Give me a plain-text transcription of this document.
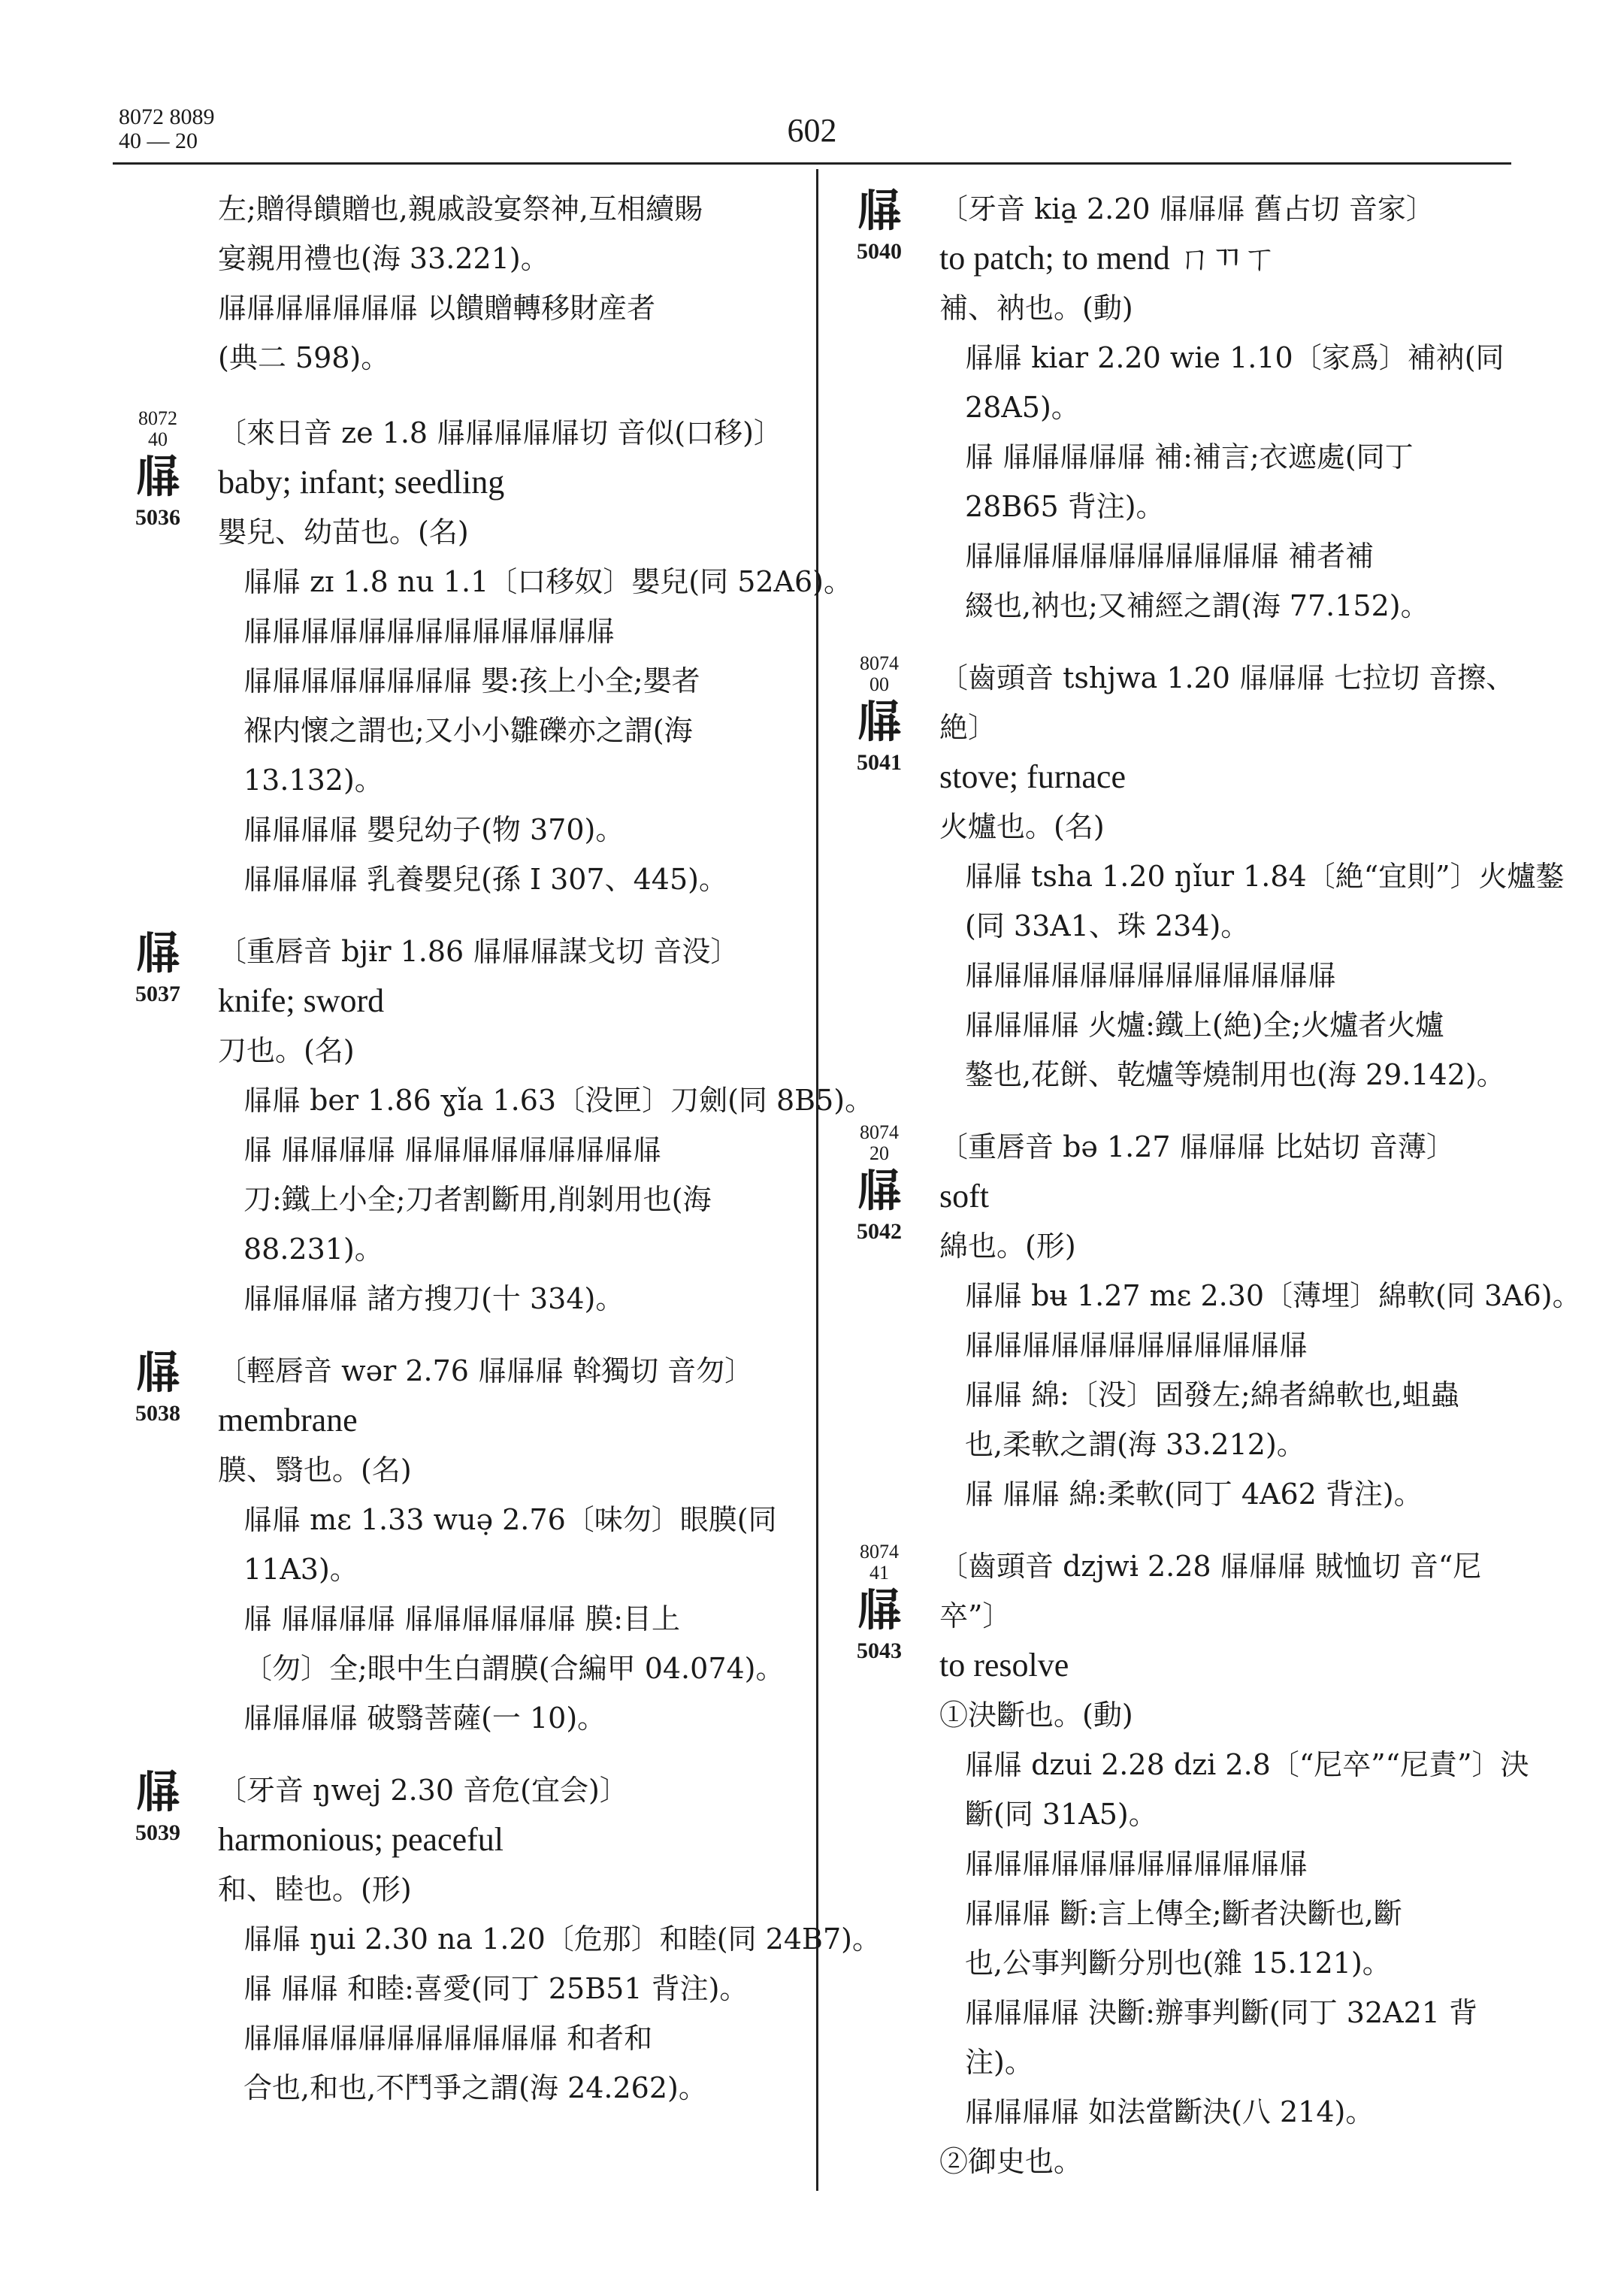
8072 8089
40 — 20	602
左;贈得饋贈也,親戚設宴祭神,互相續賜
宴親用禮也(海 33.221)。
𗅁𗅁𗅁𗅁𗅁𗅁𗅁 以饋贈轉移財産者
(典二 598)。
8072
40
𗅁
5036
〔來日音 ze 1.8 𗅁𗅁𗅁𗅁𗅁切 音似(口移)〕
baby; infant; seedling
嬰兒、幼苗也。(名)
𗅁𗅁 zɪ 1.8 nu 1.1〔口移奴〕嬰兒(同 52A6)。
𗅁𗅁𗅁𗅁𗅁𗅁𗅁𗅁𗅁𗅁𗅁𗅁𗅁
𗅁𗅁𗅁𗅁𗅁𗅁𗅁𗅁 嬰:孩上小全;嬰者
褓内懷之謂也;又小小雛礫亦之謂(海
13.132)。
𗅁𗅁𗅁𗅁 嬰兒幼子(物 370)。
𗅁𗅁𗅁𗅁 乳養嬰兒(孫 I 307、445)。
𗅁
5037
〔重唇音 bjɨr 1.86 𗅁𗅁𗅁謀戈切 音没〕
knife; sword
刀也。(名)
𗅁𗅁 ber 1.86 ɣǐa 1.63〔没匣〕刀劍(同 8B5)。
𗅁 𗅁𗅁𗅁𗅁 𗅁𗅁𗅁𗅁𗅁𗅁𗅁𗅁𗅁
刀:鐵上小全;刀者割斷用,削剝用也(海
88.231)。
𗅁𗅁𗅁𗅁 諸方搜刀(十 334)。
𗅁
5038
〔輕唇音 wər 2.76 𗅁𗅁𗅁 斡獨切 音勿〕
membrane
膜、翳也。(名)
𗅁𗅁 mɛ 1.33 wuə̣ 2.76〔味勿〕眼膜(同
11A3)。
𗅁 𗅁𗅁𗅁𗅁 𗅁𗅁𗅁𗅁𗅁𗅁 膜:目上
〔勿〕全;眼中生白謂膜(合編甲 04.074)。
𗅁𗅁𗅁𗅁 破翳菩薩(一 10)。
𗅁
5039
〔牙音 ŋwej 2.30 音危(宜会)〕
harmonious; peaceful
和、睦也。(形)
𗅁𗅁 ŋui 2.30 na 1.20〔危那〕和睦(同 24B7)。
𗅁 𗅁𗅁 和睦:喜愛(同丁 25B51 背注)。
𗅁𗅁𗅁𗅁𗅁𗅁𗅁𗅁𗅁𗅁𗅁 和者和
合也,和也,不鬥爭之謂(海 24.262)。
𗅁
5040
〔牙音 kia̱ 2.20 𗅁𗅁𗅁 舊占切 音家〕
to patch; to mend ㄇㄲㄒ
補、衲也。(動)
𗅁𗅁 kiar 2.20 wie 1.10〔家爲〕補衲(同
28A5)。
𗅁 𗅁𗅁𗅁𗅁𗅁 補:補言;衣遮處(同丁
28B65 背注)。
𗅁𗅁𗅁𗅁𗅁𗅁𗅁𗅁𗅁𗅁𗅁 補者補
綴也,衲也;又補經之謂(海 77.152)。
8074
00
𗅁
5041
〔齒頭音 tshjwa 1.20 𗅁𗅁𗅁 七拉切 音擦、
絶〕
stove; furnace
火爐也。(名)
𗅁𗅁 tsha 1.20 ŋǐur 1.84〔絶“宜則”〕火爐鏊
(同 33A1、珠 234)。
𗅁𗅁𗅁𗅁𗅁𗅁𗅁𗅁𗅁𗅁𗅁𗅁𗅁
𗅁𗅁𗅁𗅁 火爐:鐵上(絶)全;火爐者火爐
鏊也,花餅、乾爐等燒制用也(海 29.142)。
8074
20
𗅁
5042
〔重唇音 bə 1.27 𗅁𗅁𗅁 比姑切 音薄〕
soft
綿也。(形)
𗅁𗅁 bʉ 1.27 mɛ 2.30〔薄埋〕綿軟(同 3A6)。
𗅁𗅁𗅁𗅁𗅁𗅁𗅁𗅁𗅁𗅁𗅁𗅁
𗅁𗅁 綿:〔没〕固發左;綿者綿軟也,蛆蟲
也,柔軟之謂(海 33.212)。
𗅁 𗅁𗅁 綿:柔軟(同丁 4A62 背注)。
8074
41
𗅁
5043
〔齒頭音 dzjwɨ 2.28 𗅁𗅁𗅁 賊恤切 音“尼
卒”〕
to resolve
①決斷也。(動)
𗅁𗅁 dzui 2.28 dzi 2.8〔“尼卒”“尼責”〕決
斷(同 31A5)。
𗅁𗅁𗅁𗅁𗅁𗅁𗅁𗅁𗅁𗅁𗅁𗅁
𗅁𗅁𗅁 斷:言上傳全;斷者決斷也,斷
也,公事判斷分別也(雜 15.121)。
𗅁𗅁𗅁𗅁 決斷:辦事判斷(同丁 32A21 背
注)。
𗅁𗅁𗅁𗅁 如法當斷決(八 214)。
②御史也。
